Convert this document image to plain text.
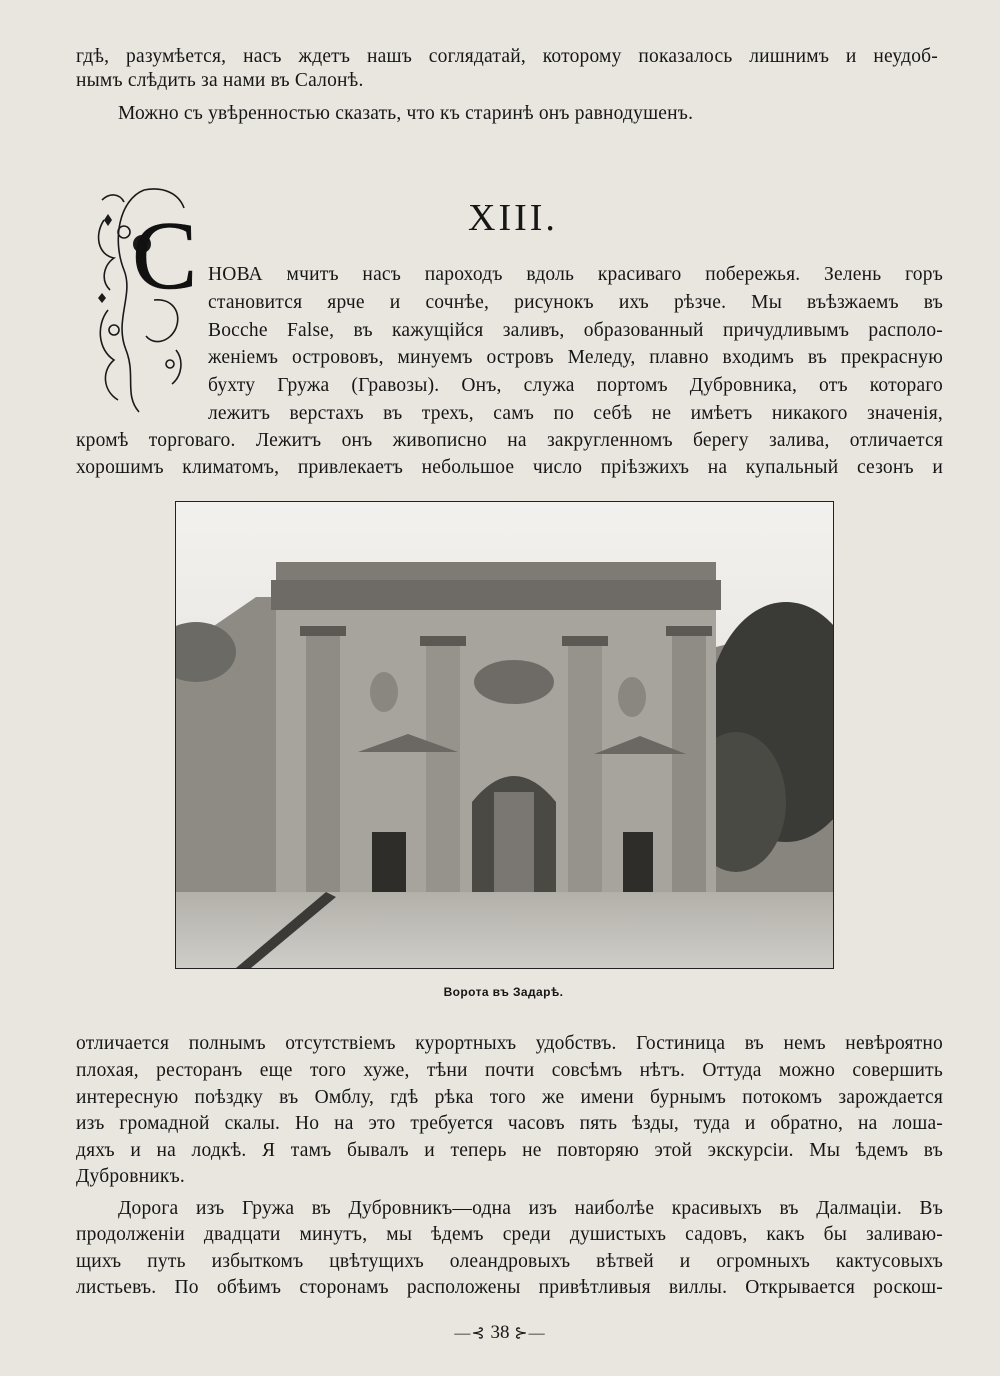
гдѣ, разумѣется, насъ ждетъ нашъ соглядатай, которому показалось лишнимъ и неудоб-
нымъ слѣдить за нами въ Салонѣ.
Можно съ увѣренностью сказать, что къ старинѣ онъ равнодушенъ.
XIII.
С НОВА мчитъ насъ пароходъ вдоль красиваго побережья. Зелень горъ
становится ярче и сочнѣе, рисунокъ ихъ рѣзче. Мы въѣзжаемъ въ
Bocche False, въ кажущійся заливъ, образованный причудливымъ располо-
женіемъ острововъ, минуемъ островъ Меледу, плавно входимъ въ прекрасную
бухту Гружа (Гравозы). Онъ, служа портомъ Дубровника, отъ котораго
лежитъ верстахъ въ трехъ, самъ по себѣ не имѣетъ никакого значенія,
кромѣ торговаго. Лежитъ онъ живописно на закругленномъ берегу залива, отличается
хорошимъ климатомъ, привлекаетъ небольшое число пріѣзжихъ на купальный сезонъ и
Ворота въ Задарѣ.
отличается полнымъ отсутствіемъ курортныхъ удобствъ. Гостиница въ немъ невѣроятно
плохая, ресторанъ еще того хуже, тѣни почти совсѣмъ нѣтъ. Оттуда можно совершить
интересную поѣздку въ Омблу, гдѣ рѣка того же имени бурнымъ потокомъ зарождается
изъ громадной скалы. Но на это требуется часовъ пять ѣзды, туда и обратно, на лоша-
дяхъ и на лодкѣ. Я тамъ бывалъ и теперь не повторяю этой экскурсіи. Мы ѣдемъ въ
Дубровникъ.
Дорога изъ Гружа въ Дубровникъ—одна изъ наиболѣе красивыхъ въ Далмаціи. Въ
продолженіи двадцати минутъ, мы ѣдемъ среди душистыхъ садовъ, какъ бы заливаю-
щихъ путь избыткомъ цвѣтущихъ олеандровыхъ вѣтвей и огромныхъ кактусовыхъ
листьевъ. По обѣимъ сторонамъ расположены привѣтливыя виллы. Открывается роскош-
—⊰ 38 ⊱—
